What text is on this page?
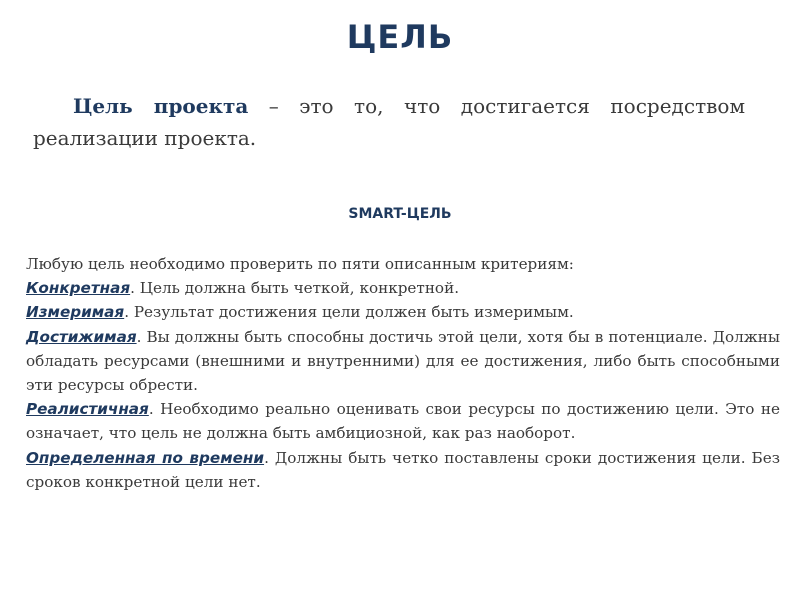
ЦЕЛЬ
Цель проекта – это то, что достигается посредством реализации проекта.
SMART-ЦЕЛЬ

Любую цель необходимо проверить по пяти описанным критериям:

Конкретная. Цель должна быть четкой, конкретной.

Измеримая. Результат достижения цели должен быть измеримым.

Достижимая. Вы должны быть способны достичь этой цели, хотя бы в потенциале. Должны обладать ресурсами (внешними и внутренними) для ее достижения, либо быть способными эти ресурсы обрести.

Реалистичная. Необходимо реально оценивать свои ресурсы по достижению цели. Это не означает, что цель не должна быть амбициозной, как раз наоборот.

Определенная по времени. Должны быть четко поставлены сроки достижения цели. Без сроков конкретной цели нет.
